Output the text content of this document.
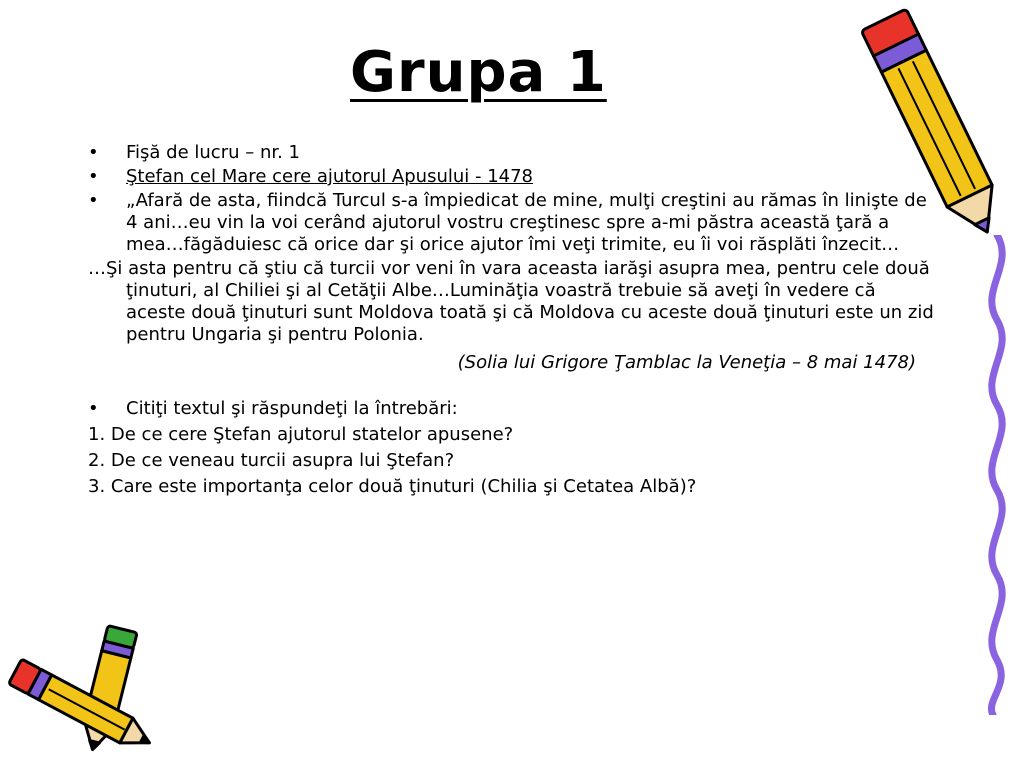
Grupa 1
• Fişă de lucru – nr. 1
• Ştefan cel Mare cere ajutorul Apusului - 1478
• „Afară de asta, fiindcă Turcul s-a împiedicat de mine, mulţi creştini au rămas în linişte de 4 ani…eu vin la voi cerând ajutorul vostru creştinesc spre a-mi păstra această ţară a mea…făgăduiesc că orice dar şi orice ajutor îmi veţi trimite, eu îi voi răsplăti înzecit…
…Şi asta pentru că ştiu că turcii vor veni în vara aceasta iarăşi asupra mea, pentru cele două ţinuturi, al Chiliei şi al Cetăţii Albe…Luminăţia voastră trebuie să aveţi în vedere că aceste două ţinuturi sunt Moldova toată şi că Moldova cu aceste două ţinuturi este un zid pentru Ungaria şi pentru Polonia.
(Solia lui Grigore Ţamblac la Veneţia – 8 mai 1478)
• Citiţi textul şi răspundeţi la întrebări:
1. De ce cere Ştefan ajutorul statelor apusene?
2. De ce veneau turcii asupra lui Ştefan?
3. Care este importanţa celor două ţinuturi (Chilia şi Cetatea Albă)?
